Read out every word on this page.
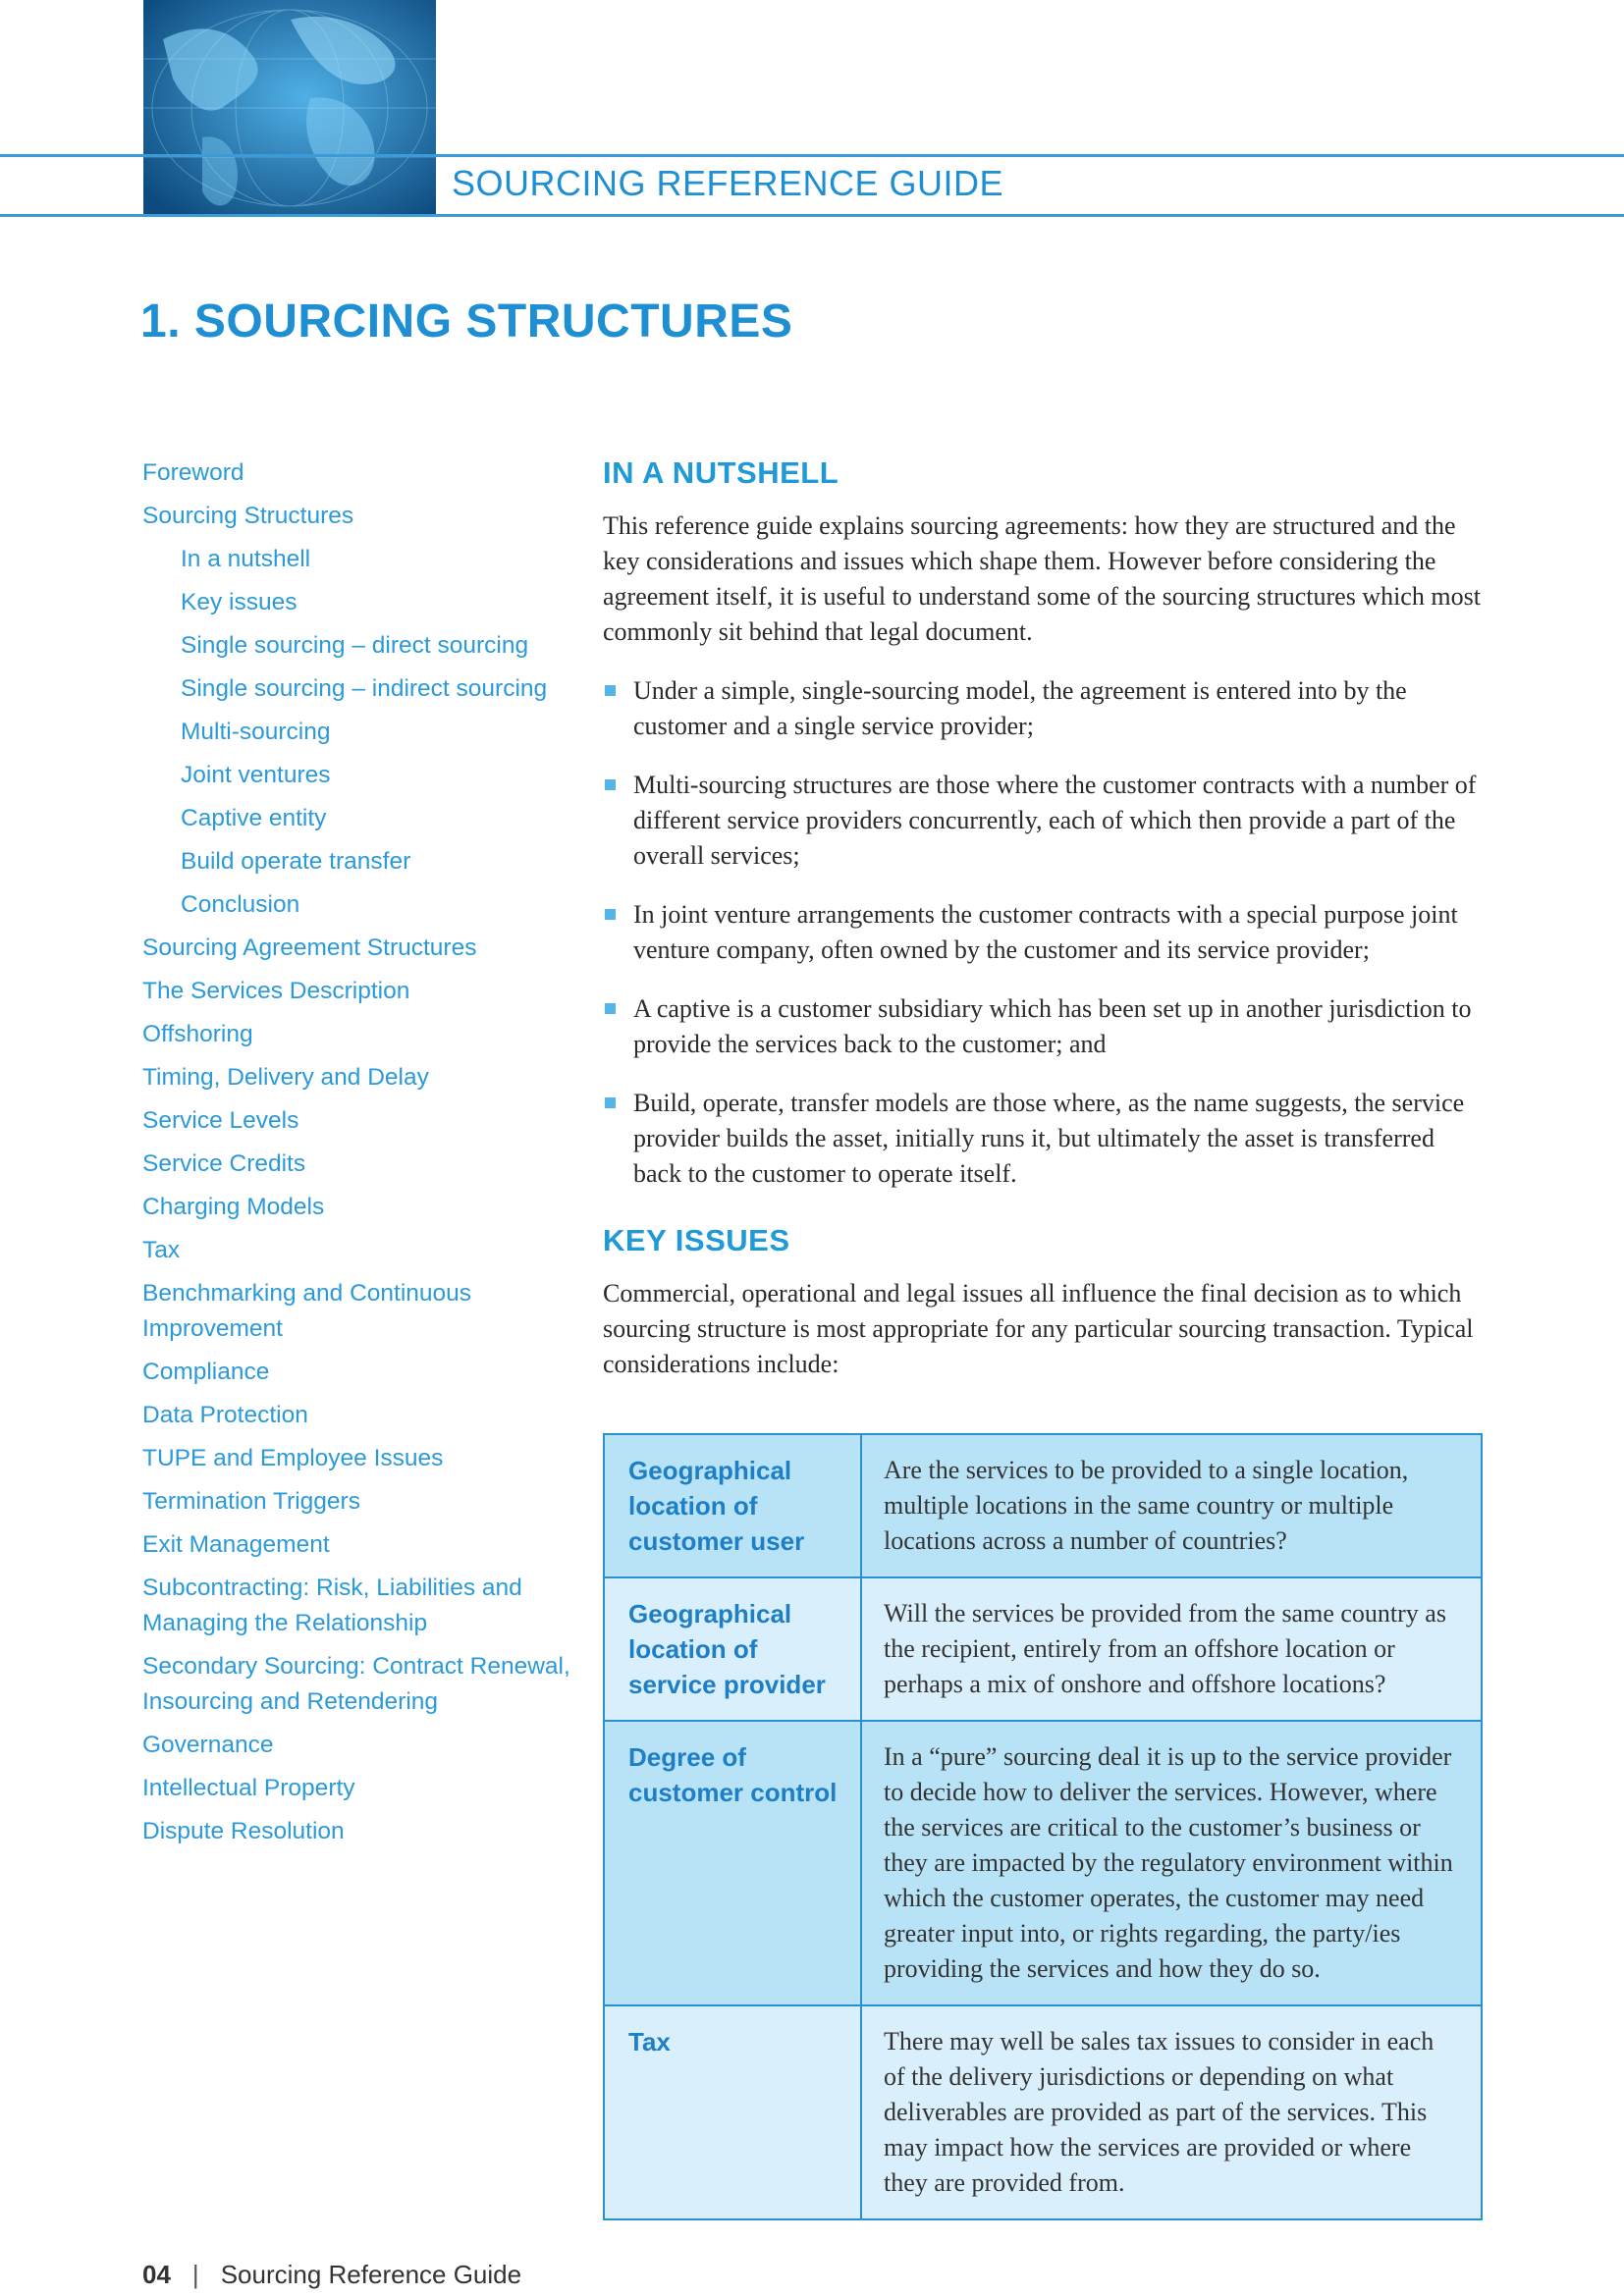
SOURCING REFERENCE GUIDE
1. SOURCING STRUCTURES
Foreword
Sourcing Structures
In a nutshell
Key issues
Single sourcing – direct sourcing
Single sourcing – indirect sourcing
Multi-sourcing
Joint ventures
Captive entity
Build operate transfer
Conclusion
Sourcing Agreement Structures
The Services Description
Offshoring
Timing, Delivery and Delay
Service Levels
Service Credits
Charging Models
Tax
Benchmarking and Continuous Improvement
Compliance
Data Protection
TUPE and Employee Issues
Termination Triggers
Exit Management
Subcontracting: Risk, Liabilities and Managing the Relationship
Secondary Sourcing: Contract Renewal, Insourcing and Retendering
Governance
Intellectual Property
Dispute Resolution
IN A NUTSHELL

This reference guide explains sourcing agreements: how they are structured and the key considerations and issues which shape them. However before considering the agreement itself, it is useful to understand some of the sourcing structures which most commonly sit behind that legal document.

Under a simple, single-sourcing model, the agreement is entered into by the customer and a single service provider;
Multi-sourcing structures are those where the customer contracts with a number of different service providers concurrently, each of which then provide a part of the overall services;
In joint venture arrangements the customer contracts with a special purpose joint venture company, often owned by the customer and its service provider;
A captive is a customer subsidiary which has been set up in another jurisdiction to provide the services back to the customer; and
Build, operate, transfer models are those where, as the name suggests, the service provider builds the asset, initially runs it, but ultimately the asset is transferred back to the customer to operate itself.
KEY ISSUES

Commercial, operational and legal issues all influence the final decision as to which sourcing structure is most appropriate for any particular sourcing transaction. Typical considerations include:

Geographical location of customer user	Are the services to be provided to a single location, multiple locations in the same country or multiple locations across a number of countries?
Geographical location of service provider	Will the services be provided from the same country as the recipient, entirely from an offshore location or perhaps a mix of onshore and offshore locations?
Degree of customer control	In a “pure” sourcing deal it is up to the service provider to decide how to deliver the services. However, where the services are critical to the customer’s business or they are impacted by the regulatory environment within which the customer operates, the customer may need greater input into, or rights regarding, the party/ies providing the services and how they do so.
Tax	There may well be sales tax issues to consider in each of the delivery jurisdictions or depending on what deliverables are provided as part of the services. This may impact how the services are provided or where they are provided from.
04 | Sourcing Reference Guide
